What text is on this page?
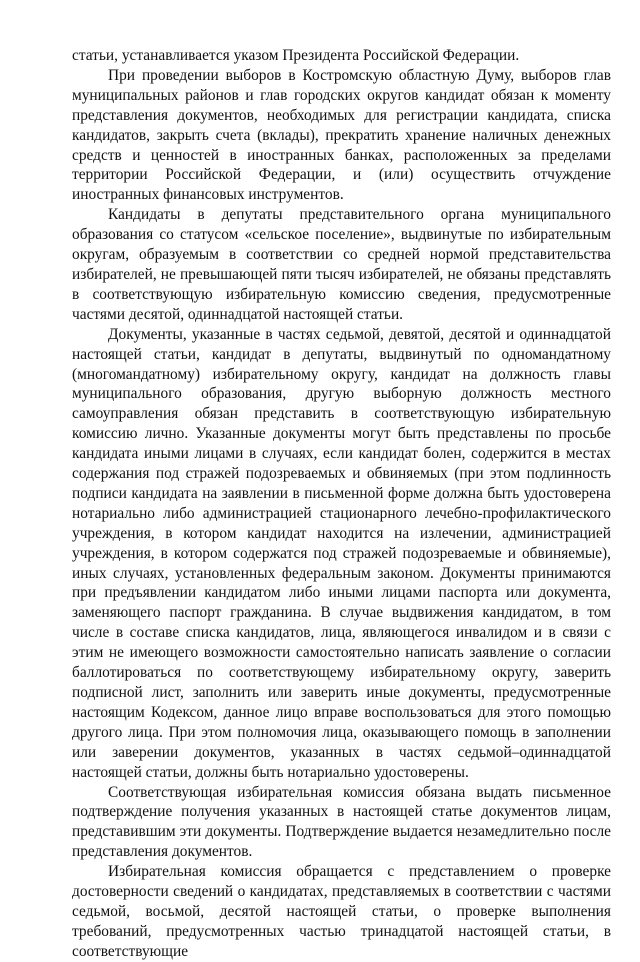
статьи, устанавливается указом Президента Российской Федерации.

При проведении выборов в Костромскую областную Думу, выборов глав муниципальных районов и глав городских округов кандидат обязан к моменту представления документов, необходимых для регистрации кандидата, списка кандидатов, закрыть счета (вклады), прекратить хранение наличных денежных средств и ценностей в иностранных банках, расположенных за пределами территории Российской Федерации, и (или) осуществить отчуждение иностранных финансовых инструментов.

Кандидаты в депутаты представительного органа муниципального образования со статусом «сельское поселение», выдвинутые по избирательным округам, образуемым в соответствии со средней нормой представительства избирателей, не превышающей пяти тысяч избирателей, не обязаны представлять в соответствующую избирательную комиссию сведения, предусмотренные частями десятой, одиннадцатой настоящей статьи.

Документы, указанные в частях седьмой, девятой, десятой и одиннадцатой настоящей статьи, кандидат в депутаты, выдвинутый по одномандатному (многомандатному) избирательному округу, кандидат на должность главы муниципального образования, другую выборную должность местного самоуправления обязан представить в соответствующую избирательную комиссию лично. Указанные документы могут быть представлены по просьбе кандидата иными лицами в случаях, если кандидат болен, содержится в местах содержания под стражей подозреваемых и обвиняемых (при этом подлинность подписи кандидата на заявлении в письменной форме должна быть удостоверена нотариально либо администрацией стационарного лечебно-профилактического учреждения, в котором кандидат находится на излечении, администрацией учреждения, в котором содержатся под стражей подозреваемые и обвиняемые), иных случаях, установленных федеральным законом. Документы принимаются при предъявлении кандидатом либо иными лицами паспорта или документа, заменяющего паспорт гражданина. В случае выдвижения кандидатом, в том числе в составе списка кандидатов, лица, являющегося инвалидом и в связи с этим не имеющего возможности самостоятельно написать заявление о согласии баллотироваться по соответствующему избирательному округу, заверить подписной лист, заполнить или заверить иные документы, предусмотренные настоящим Кодексом, данное лицо вправе воспользоваться для этого помощью другого лица. При этом полномочия лица, оказывающего помощь в заполнении или заверении документов, указанных в частях седьмой–одиннадцатой настоящей статьи, должны быть нотариально удостоверены.

Соответствующая избирательная комиссия обязана выдать письменное подтверждение получения указанных в настоящей статье документов лицам, представившим эти документы. Подтверждение выдается незамедлительно после представления документов.

Избирательная комиссия обращается с представлением о проверке достоверности сведений о кандидатах, представляемых в соответствии с частями седьмой, восьмой, десятой настоящей статьи, о проверке выполнения требований, предусмотренных частью тринадцатой настоящей статьи, в соответствующие
